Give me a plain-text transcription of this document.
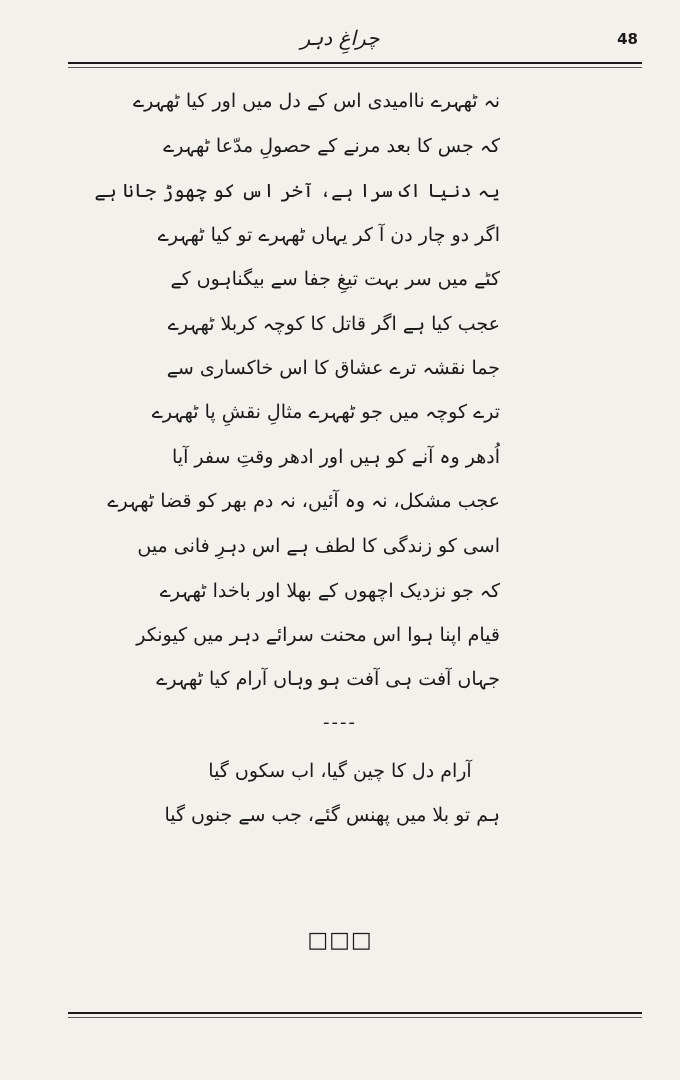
چراغِ دہر	48
نہ ٹھہرے ناامیدی اس کے دل میں اور کیا ٹھہرے
کہ جس کا بعد مرنے کے حصولِ مدّعا ٹھہرے
یہ دنیا اک سرا ہے، آخر اس کو چھوڑ جانا ہے
اگر دو چار دن آ کر یہاں ٹھہرے تو کیا ٹھہرے
کٹے میں سر بہت تیغِ جفا سے بیگناہوں کے
عجب کیا ہے اگر قاتل کا کوچہ کربلا ٹھہرے
جما نقشہ ترے عشاق کا اس خاکساری سے
ترے کوچہ میں جو ٹھہرے مثالِ نقشِ پا ٹھہرے
اُدھر وہ آنے کو ہیں اور ادھر وقتِ سفر آیا
عجب مشکل، نہ وہ آئیں، نہ دم بھر کو قضا ٹھہرے
اسی کو زندگی کا لطف ہے اس دہرِ فانی میں
کہ جو نزدیک اچھوں کے بھلا اور باخدا ٹھہرے
قیام اپنا ہوا اس محنت سرائے دہر میں کیونکر
جہاں آفت ہی آفت ہو وہاں آرام کیا ٹھہرے
----
آرام دل کا چین گیا، اب سکوں گیا
ہم تو بلا میں پھنس گئے، جب سے جنوں گیا
□□□
